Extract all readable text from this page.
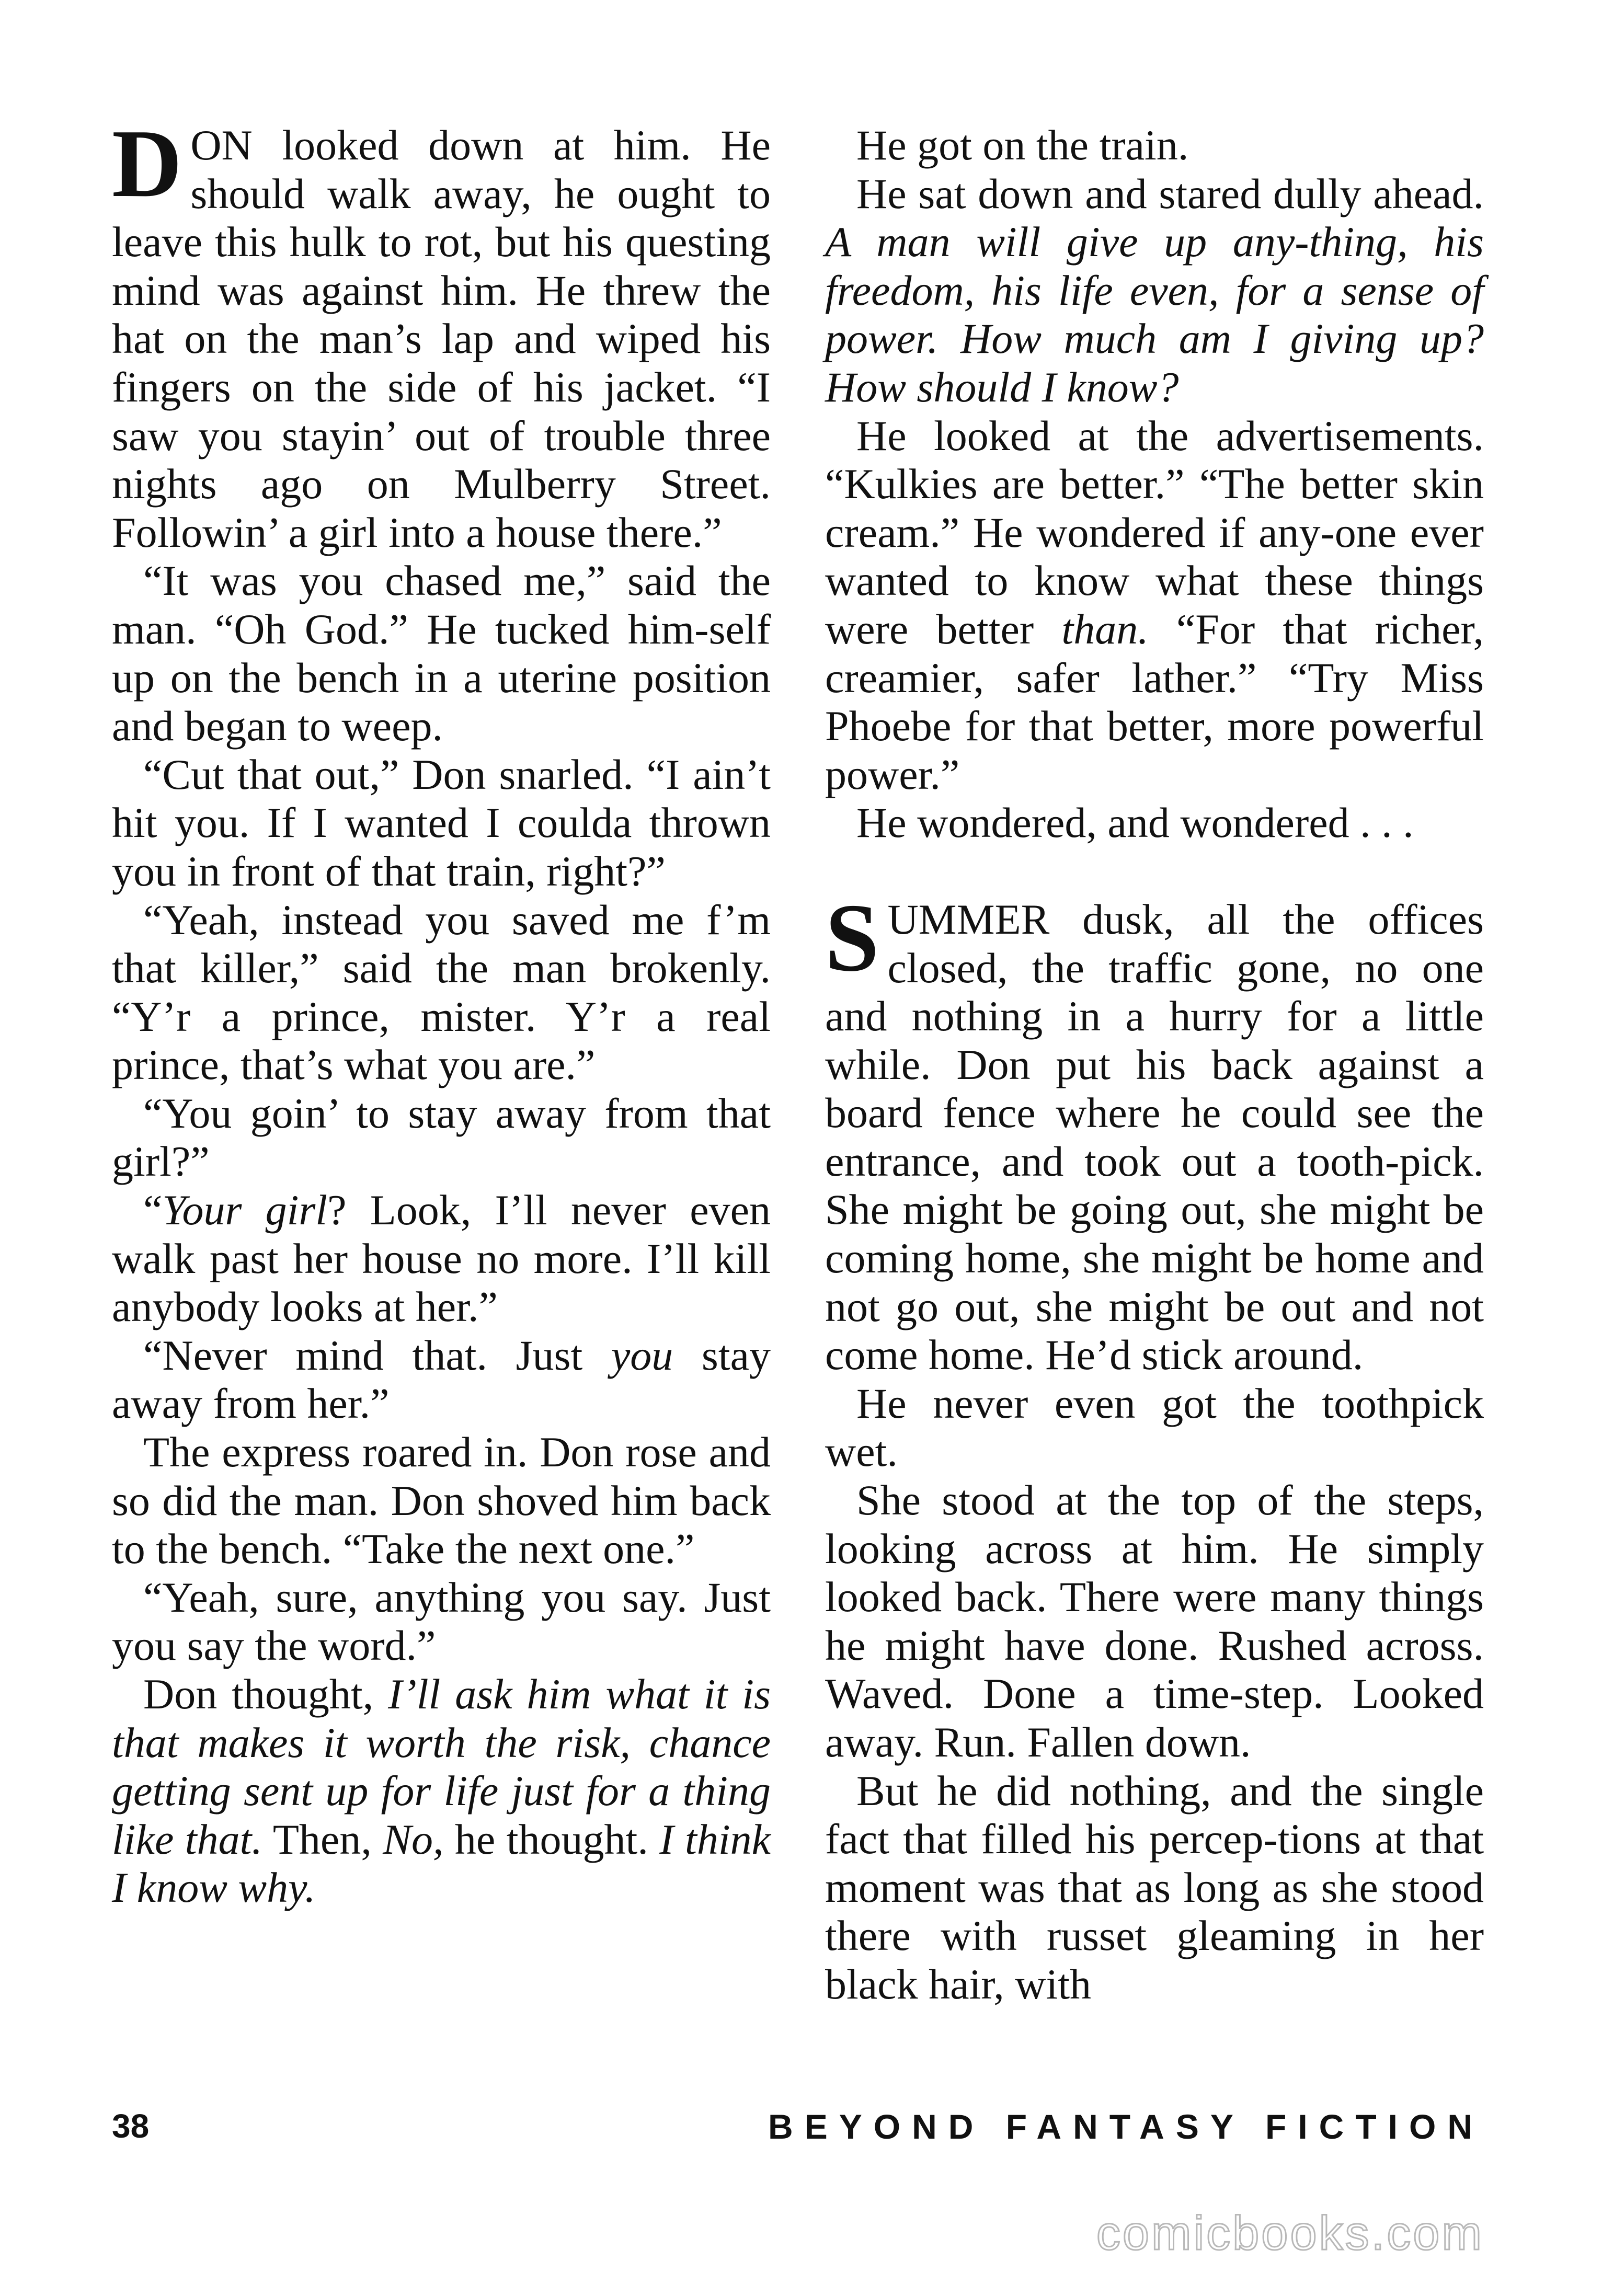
DON looked down at him. He should walk away, he ought to leave this hulk to rot, but his questing mind was against him. He threw the hat on the man’s lap and wiped his fingers on the side of his jacket. “I saw you stayin’ out of trouble three nights ago on Mulberry Street. Followin’ a girl into a house there.”

“It was you chased me,” said the man. “Oh God.” He tucked him-self up on the bench in a uterine position and began to weep.

“Cut that out,” Don snarled. “I ain’t hit you. If I wanted I coulda thrown you in front of that train, right?”

“Yeah, instead you saved me f’m that killer,” said the man brokenly. “Y’r a prince, mister. Y’r a real prince, that’s what you are.”

“You goin’ to stay away from that girl?”

“Your girl? Look, I’ll never even walk past her house no more. I’ll kill anybody looks at her.”

“Never mind that. Just you stay away from her.”

The express roared in. Don rose and so did the man. Don shoved him back to the bench. “Take the next one.”

“Yeah, sure, anything you say. Just you say the word.”

Don thought, I’ll ask him what it is that makes it worth the risk, chance getting sent up for life just for a thing like that. Then, No, he thought. I think I know why.

He got on the train.

He sat down and stared dully ahead. A man will give up any-thing, his freedom, his life even, for a sense of power. How much am I giving up? How should I know?

He looked at the advertisements. “Kulkies are better.” “The better skin cream.” He wondered if any-one ever wanted to know what these things were better than. “For that richer, creamier, safer lather.” “Try Miss Phoebe for that better, more powerful power.”

He wondered, and wondered . . .

SUMMER dusk, all the offices closed, the traffic gone, no one and nothing in a hurry for a little while. Don put his back against a board fence where he could see the entrance, and took out a tooth-pick. She might be going out, she might be coming home, she might be home and not go out, she might be out and not come home. He’d stick around.

He never even got the toothpick wet.

She stood at the top of the steps, looking across at him. He simply looked back. There were many things he might have done. Rushed across. Waved. Done a time-step. Looked away. Run. Fallen down.

But he did nothing, and the single fact that filled his percep-tions at that moment was that as long as she stood there with russet gleaming in her black hair, with

38	BEYOND FANTASY FICTION
comicbooks.com
